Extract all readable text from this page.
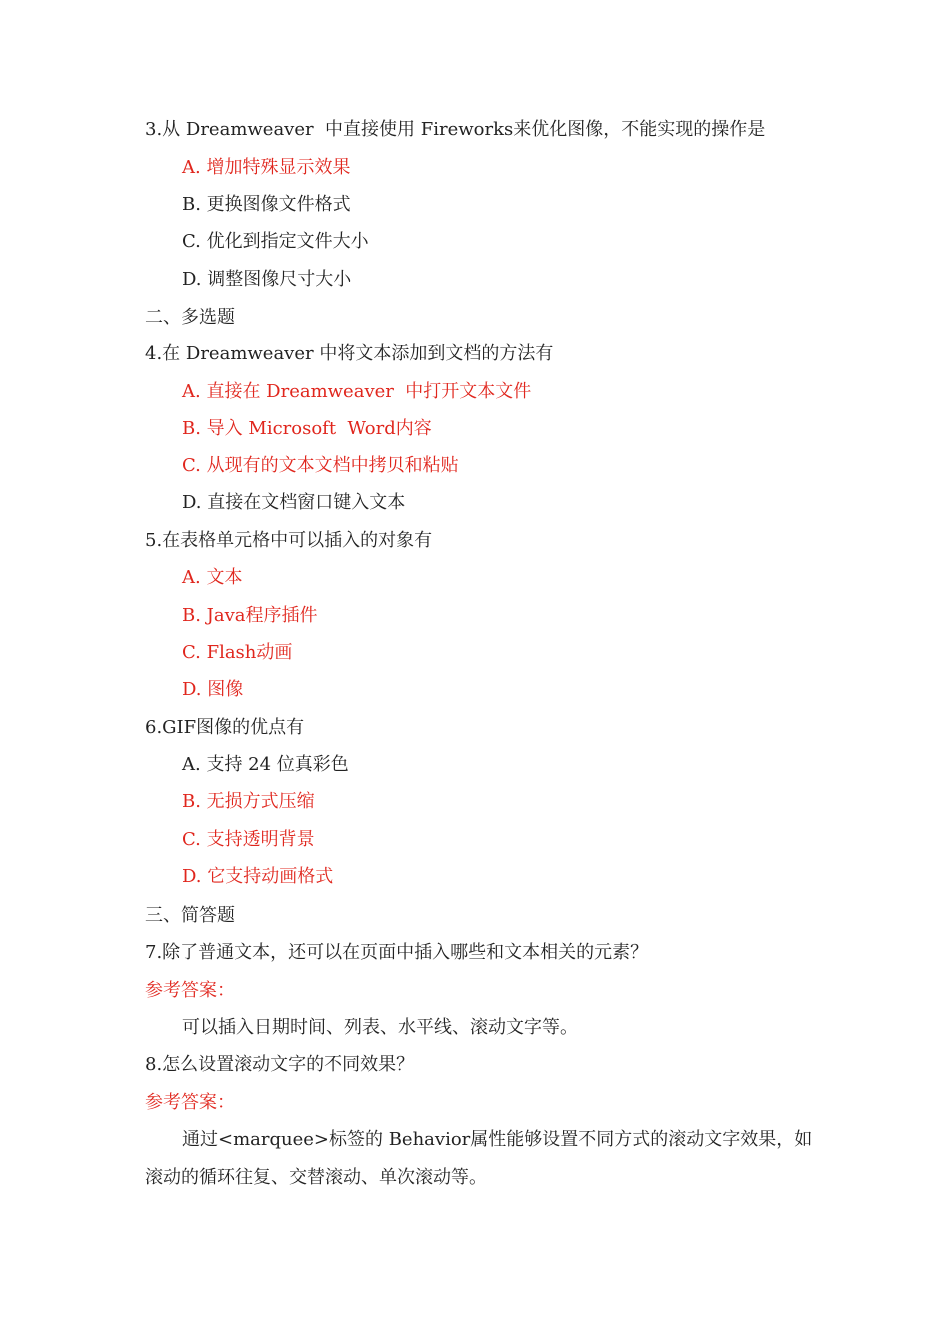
3.从 Dreamweaver  中直接使用 Fireworks来优化图像，不能实现的操作是
A. 增加特殊显示效果
B. 更换图像文件格式
C. 优化到指定文件大小
D. 调整图像尺寸大小
二、多选题
4.在 Dreamweaver 中将文本添加到文档的方法有
A. 直接在 Dreamweaver  中打开文本文件
B. 导入 Microsoft  Word内容
C. 从现有的文本文档中拷贝和粘贴
D. 直接在文档窗口键入文本
5.在表格单元格中可以插入的对象有
A. 文本
B. Java程序插件
C. Flash动画
D. 图像
6.GIF图像的优点有
A. 支持 24 位真彩色
B. 无损方式压缩
C. 支持透明背景
D. 它支持动画格式
三、简答题
7.除了普通文本，还可以在页面中插入哪些和文本相关的元素？
参考答案：
可以插入日期时间、列表、水平线、滚动文字等。
8.怎么设置滚动文字的不同效果？
参考答案：
通过<marquee>标签的 Behavior属性能够设置不同方式的滚动文字效果，如
滚动的循环往复、交替滚动、单次滚动等。
